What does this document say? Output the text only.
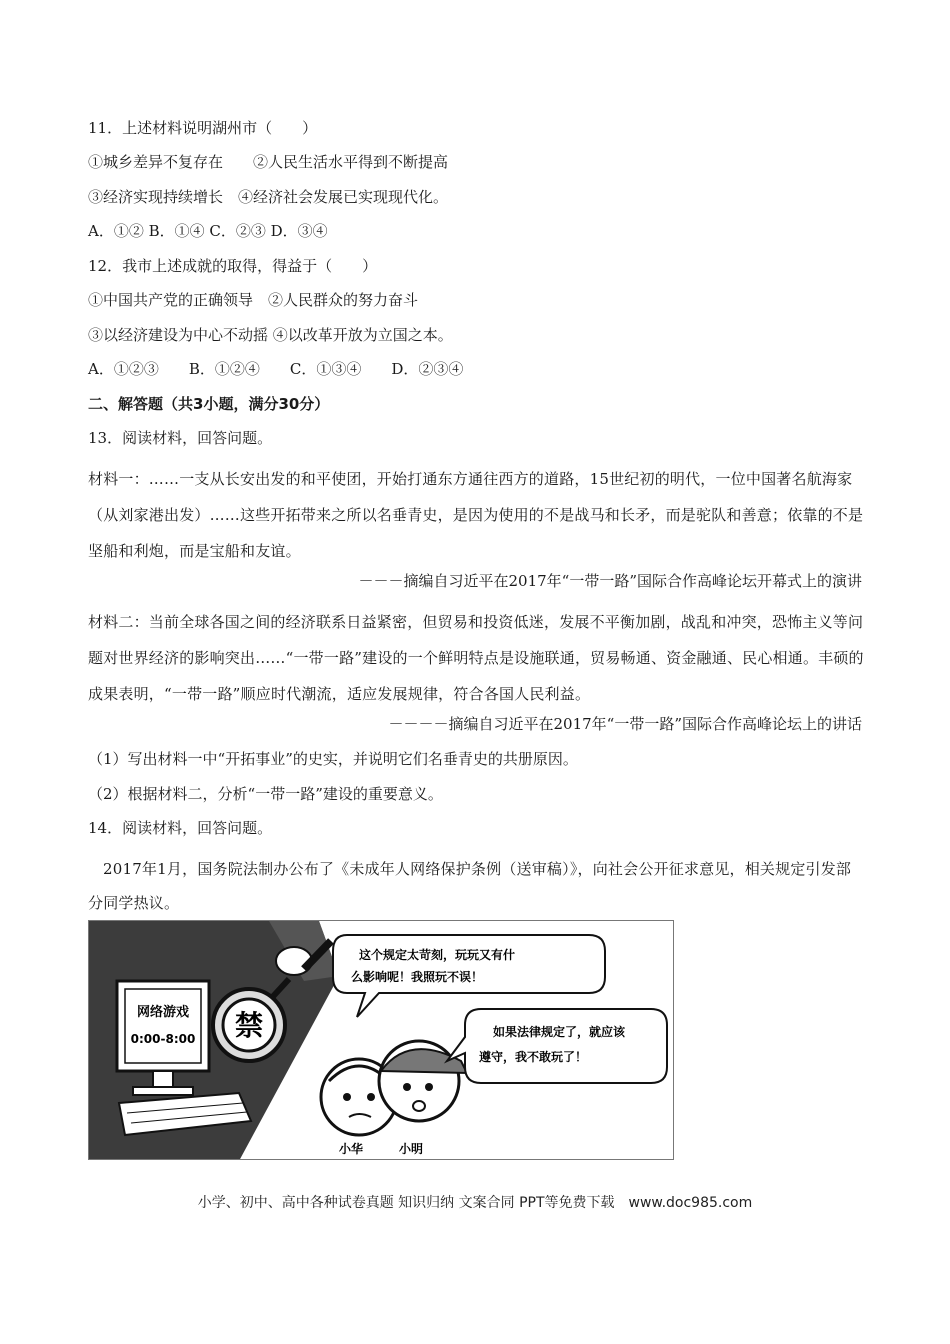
11．上述材料说明湖州市（　　）
①城乡差异不复存在　　②人民生活水平得到不断提高
③经济实现持续增长　④经济社会发展已实现现代化。
A．①② B．①④ C．②③ D．③④
12．我市上述成就的取得，得益于（　　）
①中国共产党的正确领导　②人民群众的努力奋斗
③以经济建设为中心不动摇 ④以改革开放为立国之本。
A．①②③　　B．①②④　　C．①③④　　D．②③④
二、解答题（共3小题，满分30分）
13．阅读材料，回答问题。
材料一：……一支从长安出发的和平使团，开始打通东方通往西方的道路，15世纪初的明代，一位中国著名航海家（从刘家港出发）……这些开拓带来之所以名垂青史，是因为使用的不是战马和长矛，而是驼队和善意；依靠的不是坚船和利炮，而是宝船和友谊。
－－－摘编自习近平在2017年“一带一路”国际合作高峰论坛开幕式上的演讲
材料二：当前全球各国之间的经济联系日益紧密，但贸易和投资低迷，发展不平衡加剧，战乱和冲突，恐怖主义等问题对世界经济的影响突出……“一带一路”建设的一个鲜明特点是设施联通，贸易畅通、资金融通、民心相通。丰硕的成果表明，“一带一路”顺应时代潮流，适应发展规律，符合各国人民利益。
－－－－摘编自习近平在2017年“一带一路”国际合作高峰论坛上的讲话
（1）写出材料一中“开拓事业”的史实，并说明它们名垂青史的共册原因。
（2）根据材料二，分析“一带一路”建设的重要意义。
14．阅读材料，回答问题。
2017年1月，国务院法制办公布了《未成年人网络保护条例（送审稿）》，向社会公开征求意见，相关规定引发部分同学热议。
禁
网络游戏
0:00-8:00
小华	小明
这个规定太苛刻，玩玩又有什
么影响呢！我照玩不误！
如果法律规定了，就应该
遵守，我不敢玩了！
小学、初中、高中各种试卷真题 知识归纳 文案合同 PPT等免费下载　www.doc985.com
